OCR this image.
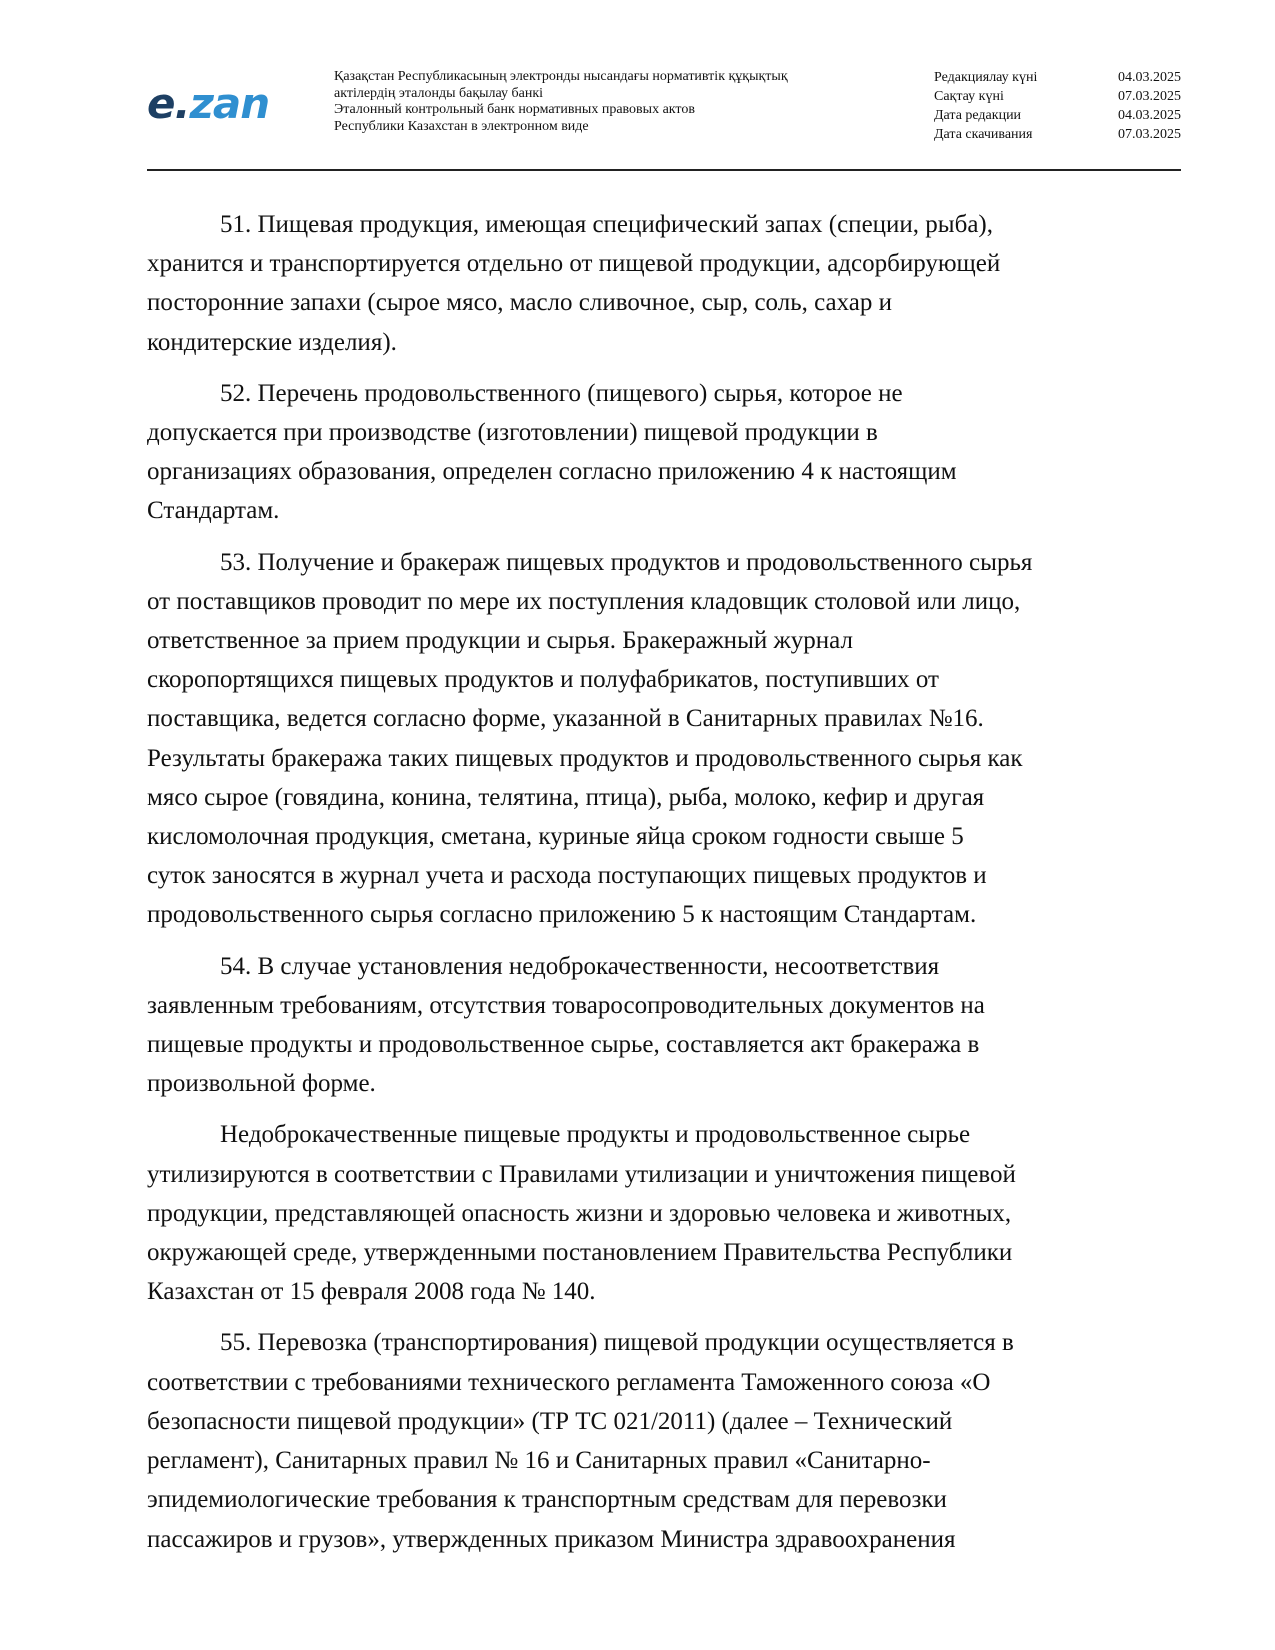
e.zan
Қазақстан Республикасының электронды нысандағы нормативтік құқықтық
актілердің эталонды бақылау банкі
Эталонный контрольный банк нормативных правовых актов
Республики Казахстан в электронном виде
Редакциялау күні	04.03.2025
Сақтау күні	07.03.2025
Дата редакции	04.03.2025
Дата скачивания	07.03.2025

51. Пищевая продукция, имеющая специфический запах (специи, рыба),
хранится и транспортируется отдельно от пищевой продукции, адсорбирующей
посторонние запахи (сырое мясо, масло сливочное, сыр, соль, сахар и
кондитерские изделия).

52. Перечень продовольственного (пищевого) сырья, которое не
допускается при производстве (изготовлении) пищевой продукции в
организациях образования, определен согласно приложению 4 к настоящим
Стандартам.

53. Получение и бракераж пищевых продуктов и продовольственного сырья
от поставщиков проводит по мере их поступления кладовщик столовой или лицо,
ответственное за прием продукции и сырья. Бракеражный журнал
скоропортящихся пищевых продуктов и полуфабрикатов, поступивших от
поставщика, ведется согласно форме, указанной в Санитарных правилах №16.
Результаты бракеража таких пищевых продуктов и продовольственного сырья как
мясо сырое (говядина, конина, телятина, птица), рыба, молоко, кефир и другая
кисломолочная продукция, сметана, куриные яйца сроком годности свыше 5
суток заносятся в журнал учета и расхода поступающих пищевых продуктов и
продовольственного сырья согласно приложению 5 к настоящим Стандартам.

54. В случае установления недоброкачественности, несоответствия
заявленным требованиям, отсутствия товаросопроводительных документов на
пищевые продукты и продовольственное сырье, составляется акт бракеража в
произвольной форме.

Недоброкачественные пищевые продукты и продовольственное сырье
утилизируются в соответствии с Правилами утилизации и уничтожения пищевой
продукции, представляющей опасность жизни и здоровью человека и животных,
окружающей среде, утвержденными постановлением Правительства Республики
Казахстан от 15 февраля 2008 года № 140.

55. Перевозка (транспортирования) пищевой продукции осуществляется в
соответствии с требованиями технического регламента Таможенного союза «О
безопасности пищевой продукции» (ТР ТС 021/2011) (далее – Технический
регламент), Санитарных правил № 16 и Санитарных правил «Санитарно-
эпидемиологические требования к транспортным средствам для перевозки
пассажиров и грузов», утвержденных приказом Министра здравоохранения
